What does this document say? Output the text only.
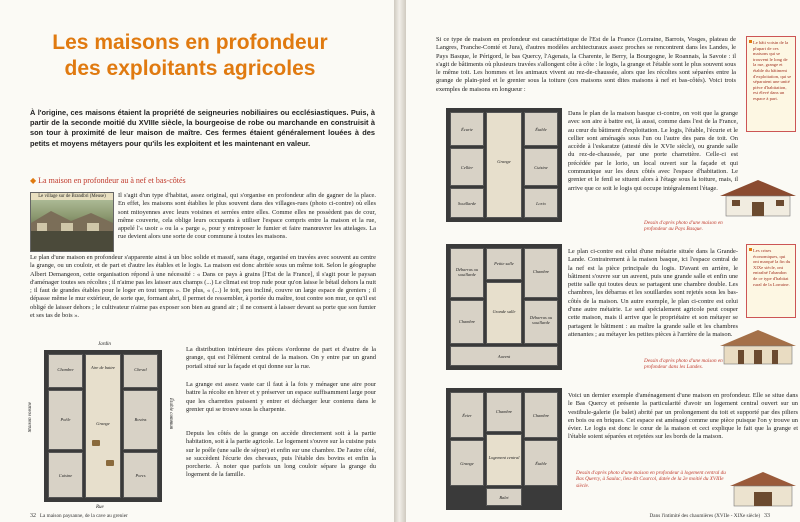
Les maisons en profondeur
des exploitants agricoles

À l'origine, ces maisons étaient la propriété de seigneuries nobiliaires ou ecclésiastiques. Puis, à partir de la seconde moitié du XVIIIe siècle, la bourgeoise de robe ou marchande en construisit à son tour à proximité de leur maison de maître. Ces fermes étaient généralement louées à des petits et moyens métayers pour qu'ils les exploitent et les maintenant en valeur.

◆ La maison en profondeur au à nef et bas-côtés
Le village sur de Brandbri (Meuse)	Il s'agit d'un type d'habitat, assez original, qui s'organise en profondeur afin de gagner de la place. En effet, les maisons sont établies le plus souvent dans des villages-rues (photo ci-contre) où elles sont mitoyennes avec leurs voisines et serrées entre elles. Comme elles ne possèdent pas de cour, même couverte, cela oblige leurs occupants à utiliser l'espace compris entre la maison et la rue, appelé l'« usoir » ou la « parge », pour y entreposer le fumier et faire manœuvrer les attelages. La rue devient alors une sorte de cour commune à toutes les maisons.

Le plan d'une maison en profondeur s'apparente ainsi à un bloc solide et massif, sans étage, organisé en travées avec souvent au centre la grange, ou un couloir, et de part et d'autre les étables et le logis. La maison est donc abritée sous un même toit. Selon le géographe Albert Demangeon, cette organisation répond à une nécessité : « Dans ce pays à grains [l'Est de la France], il s'agit pour le paysan d'aménager toutes ses récoltes ; il n'aime pas les laisser aux champs (...) Le climat est trop rude pour qu'on laisse le bétail dehors la nuit ; il faut de grandes étables pour le loger en tout temps ». De plus, « (...) le toit, peu incliné, couvre un large espace de greniers ; il dépasse même le mur extérieur, de sorte que, formant abri, il permet de ressembler, à portée du maître, tout contre son mur, ce qu'il est obligé de laisser dehors ; le cultivateur n'aime pas exposer son bien au grand air ; il ne consent à laisser devant sa porte que son fumier et ses tas de bois ».

Jardin
Chambre	Aire de battre
Grange
Cheval
Poêle	Bovins
Cuisine	Porcs
Rue
Maison voisine	Étable commun

La distribution intérieure des pièces s'ordonne de part et d'autre de la grange, qui est l'élément central de la maison. On y entre par un grand portail situé sur la façade et qui donne sur la rue.

La grange est assez vaste car il faut à la fois y ménager une aire pour battre la récolte en hiver et y préserver un espace suffisamment large pour que les charrettes puissent y entrer et décharger leur contenu dans le grenier qui se trouve sous la charpente.

Depuis les côtés de la grange on accède directement soit à la partie habitation, soit à la partie agricole. Le logement s'ouvre sur la cuisine puis sur le poêle (une salle de séjour) et enfin sur une chambre. De l'autre côté, se succèdent l'écurie des chevaux, puis l'étable des bovins et enfin la porcherie. À noter que parfois un long couloir sépare la grange du logement de la famille.

32 La maison paysanne, de la cave au grenier

Si ce type de maison en profondeur est caractéristique de l'Est de la France (Lorraine, Barrois, Vosges, plateau de Langres, Franche-Comté et Jura), d'autres modèles architecturaux assez proches se rencontrent dans les Landes, le Pays Basque, le Périgord, le bas Quercy, l'Agenais, la Charente, le Berry, la Bourgogne, le Roannais, la Savoie : il s'agit de bâtiments où plusieurs travées s'allongent côte à côte : le logis, la grange et l'étable sont le plus souvent sous le même toit. Les hommes et les animaux vivent au rez-de-chaussée, alors que les récoltes sont séparées entre la grange de plain-pied et le grenier sous la toiture (ces maisons sont dites maisons à nef et bas-côtés). Voici trois exemples de maisons en longueur :

Le bâti voisin de la plupart de ces maisons qui se trouvent le long de la rue, grange et étable du bâtiment d'exploitation, qui se séparaient une unité pièce d'habitation, est élevé dans un espace à part.
Écurie
Grange
Étable
Cellier	Cuisine
Souillarde	Lorio

Dans le plan de la maison basque ci-contre, on voit que la grange avec son aire à battre est, là aussi, comme dans l'est de la France, au cœur du bâtiment d'exploitation. Le logis, l'étable, l'écurie et le cellier sont aménagés sous l'un ou l'autre des pans de toit. On accède à l'eskaratze (attesté dès le XVIe siècle), ou grande salle du rez-de-chaussée, par une porte charretière. Celle-ci est précédée par le lorio, un local ouvert sur la façade et qui communique sur les deux côtés avec l'espace d'habitation. Le grenier et le fenil se situent alors à l'étage sous la toiture, mais, il arrive que ce soit le logis qui occupe intégralement l'étage.

Dessin d'après photo d'une maison en profondeur au Pays Basque.
Débarras ou souillarde
Petite salle
Chambre
Grande salle
Chambre
Débarras ou souillarde
Auvent

Le plan ci-contre est celui d'une métairie située dans la Grande-Lande. Contrairement à la maison basque, ici l'espace central de la nef est la pièce principale du logis. D'avant en arrière, le bâtiment s'ouvre sur un auvent, puis une grande salle et enfin une petite salle qui toutes deux se partagent une chambre double. Les chambres, les débarras et les souillardes sont rejetés sous les bas-côtés de la maison. Un autre exemple, le plan ci-contre est celui d'une autre métairie. Le seul spécialement agricole peut couper cette maison, mais il arrive que le propriétaire et son métayer se partagent le bâtiment : au maître la grande salle et les chambres attenantes ; au métayer les petites pièces à l'arrière de la maison.

Les crises économiques, qui ont marqué la fin du XIXe siècle, ont entraîné l'abandon de ce type d'habitat rural de la Lorraine.
Dessin d'après photo d'une maison en profondeur dans les Landes.
Évier
Chambre
Chambre
Logement central
Grange	Étable
Balet

Voici un dernier exemple d'aménagement d'une maison en profondeur. Elle se situe dans le Bas Quercy et présente la particularité d'avoir un logement central ouvert sur un vestibule-galerie (le balet) abrité par un prolongement du toit et supporté par des piliers en bois ou en briques. Cet espace est aménagé comme une pièce puisque l'on y trouve un évier. Le logis est donc le cœur de la maison et ceci explique le fait que la grange et l'étable soient séparées et rejetées sur les bords de la maison.

Dessin d'après photo d'une maison en profondeur à logement central du Bas Quercy, à Saulac, lieu-dit Courcol, datée de la 2e moitié du XVIIIe siècle.
Dans l'intimité des chaumières (XVIIe - XIXe siècle) 33
